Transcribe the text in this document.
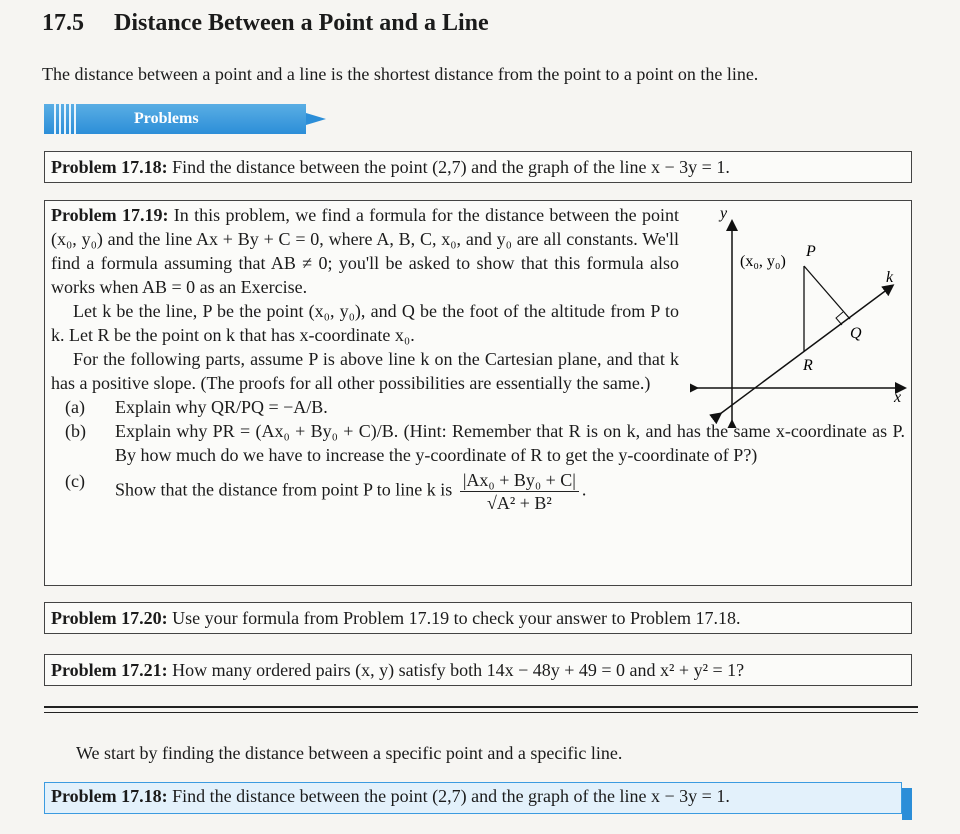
17.5 Distance Between a Point and a Line
The distance between a point and a line is the shortest distance from the point to a point on the line.
Problems
Problem 17.18: Find the distance between the point (2,7) and the graph of the line x − 3y = 1.

Problem 17.19: In this problem, we find a formula for the distance between the point (x₀, y₀) and the line Ax + By + C = 0, where A, B, C, x₀, and y₀ are all constants. We'll find a formula assuming that AB ≠ 0; you'll be asked to show that this formula also works when AB = 0 as an Exercise.

Let k be the line, P be the point (x₀, y₀), and Q be the foot of the altitude from P to k. Let R be the point on k that has x-coordinate x₀.

For the following parts, assume P is above line k on the Cartesian plane, and that k has a positive slope. (The proofs for all other possibilities are essentially the same.)

(a)	Explain why QR/PQ = −A/B.
(b)	Explain why PR = (Ax₀ + By₀ + C)/B. (Hint: Remember that R is on k, and has the same x-coordinate as P. By how much do we have to increase the y-coordinate of R to get the y-coordinate of P?)
(c)	Show that the distance from point P to line k is $\frac{\text{|Ax₀ + By₀ + C|}}{\text{√A² + B²}}$ .
y
x
k
P
Q
R
(x₀, y₀)
Problem 17.20: Use your formula from Problem 17.19 to check your answer to Problem 17.18.
Problem 17.21: How many ordered pairs (x, y) satisfy both 14x − 48y + 49 = 0 and x² + y² = 1?
We start by finding the distance between a specific point and a specific line.
Problem 17.18: Find the distance between the point (2,7) and the graph of the line x − 3y = 1.
